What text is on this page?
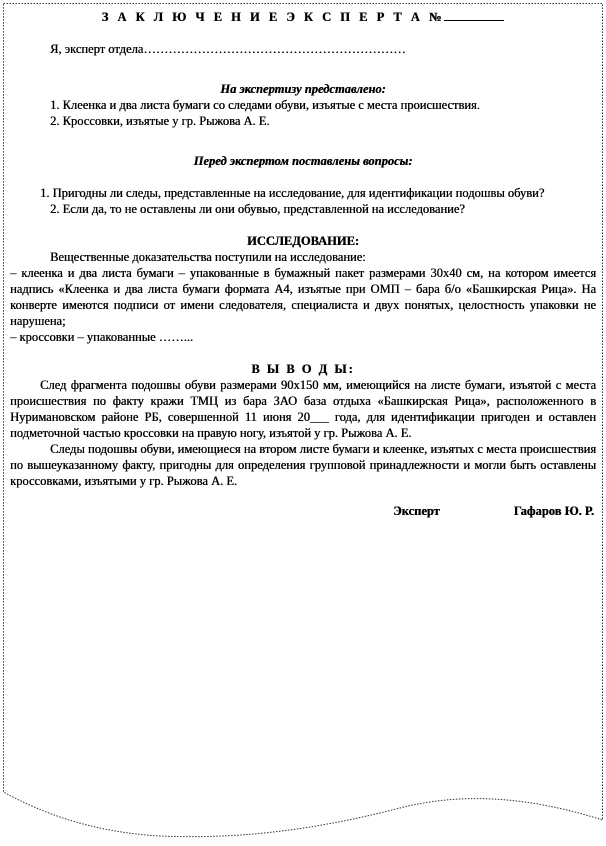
З А К Л Ю Ч Е Н И Е Э К С П Е Р Т А №

Я, эксперт отдела………………………………………………………

На экспертизу представлено:

1. Клеенка и два листа бумаги со следами обуви, изъятые с места происшествия.

2. Кроссовки, изъятые у гр. Рыжова А. Е.

Перед экспертом поставлены вопросы:

1. Пригодны ли следы, представленные на исследование, для идентификации подошвы обуви?

2. Если да, то не оставлены ли они обувью, представленной на исследование?

ИССЛЕДОВАНИЕ:

Вещественные доказательства поступили на исследование:

– клеенка и два листа бумаги – упакованные в бумажный пакет размерами 30х40 см, на котором имеется надпись «Клеенка и два листа бумаги формата А4, изъятые при ОМП – бара б/о «Башкирская Рица». На конверте имеются подписи от имени следователя, специалиста и двух понятых, целостность упаковки не нарушена;

– кроссовки – упакованные ……...

В Ы В О Д Ы:

След фрагмента подошвы обуви размерами 90х150 мм, имеющийся на листе бумаги, изъятой с места происшествия по факту кражи ТМЦ из бара ЗАО база отдыха «Башкирская Рица», расположенного в Нуримановском районе РБ, совершенной 11 июня 20___ года, для идентификации пригоден и оставлен подметочной частью кроссовки на правую ногу, изъятой у гр. Рыжова А. Е.

Следы подошвы обуви, имеющиеся на втором листе бумаги и клеенке, изъятых с места происшествия по вышеуказанному факту, пригодны для определения групповой принадлежности и могли быть оставлены кроссовками, изъятыми у гр. Рыжова А. Е.

Эксперт	Гафаров Ю. Р.
